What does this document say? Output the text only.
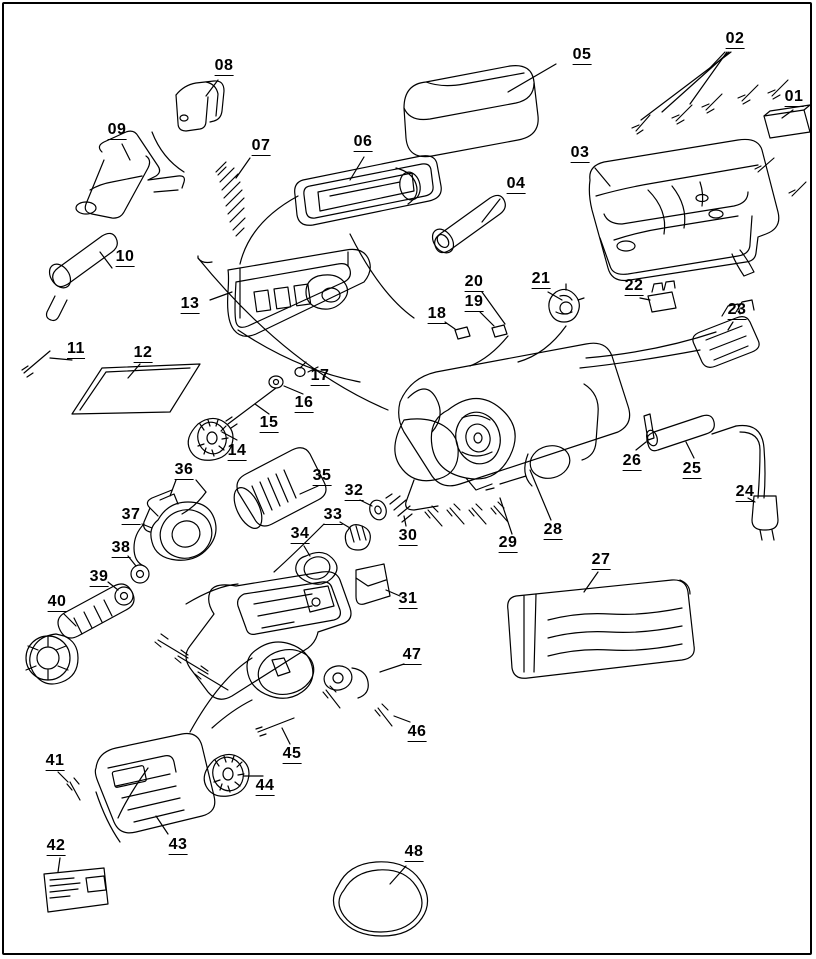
01
02
03
04
05
06
07
08
09
10
11	12
13
14
15
16
17
18
19
20	21	22
23
24
25
26
27
28
29
30
31
32
33
34
35
36
37
38
39
40
41
42	43
44
45
46
47
48
